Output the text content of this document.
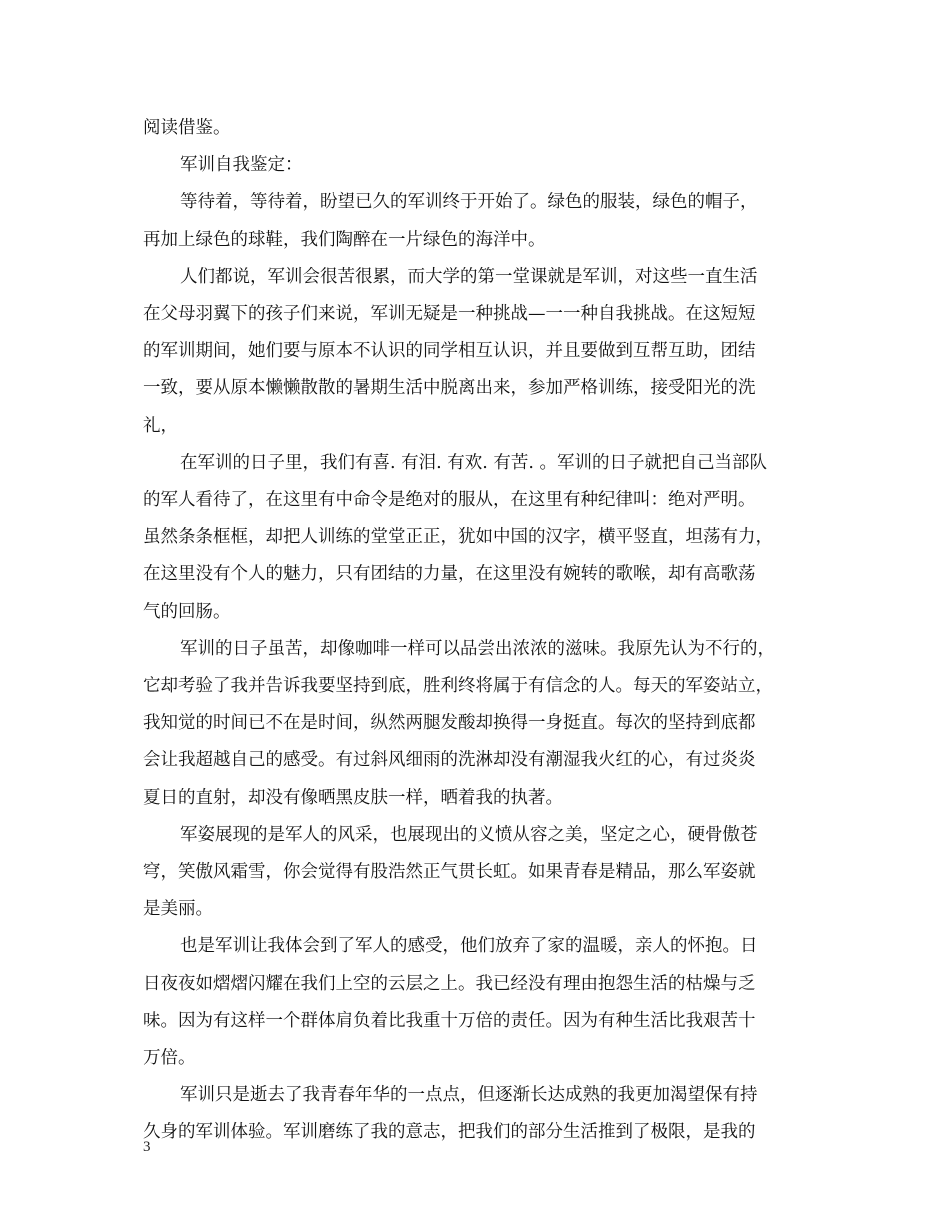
阅读借鉴。
军训自我鉴定：
等待着，等待着，盼望已久的军训终于开始了。绿色的服装，绿色的帽子，
再加上绿色的球鞋，我们陶醉在一片绿色的海洋中。
人们都说，军训会很苦很累，而大学的第一堂课就是军训，对这些一直生活
在父母羽翼下的孩子们来说，军训无疑是一种挑战—一一种自我挑战。在这短短
的军训期间，她们要与原本不认识的同学相互认识，并且要做到互帮互助，团结
一致，要从原本懒懒散散的暑期生活中脱离出来，参加严格训练，接受阳光的洗
礼，
在军训的日子里，我们有喜. 有泪. 有欢. 有苦. 。军训的日子就把自己当部队
的军人看待了，在这里有中命令是绝对的服从，在这里有种纪律叫：绝对严明。
虽然条条框框，却把人训练的堂堂正正，犹如中国的汉字，横平竖直，坦荡有力，
在这里没有个人的魅力，只有团结的力量，在这里没有婉转的歌喉，却有高歌荡
气的回肠。
军训的日子虽苦，却像咖啡一样可以品尝出浓浓的滋味。我原先认为不行的，
它却考验了我并告诉我要坚持到底，胜利终将属于有信念的人。每天的军姿站立，
我知觉的时间已不在是时间，纵然两腿发酸却换得一身挺直。每次的坚持到底都
会让我超越自己的感受。有过斜风细雨的洗淋却没有潮湿我火红的心，有过炎炎
夏日的直射，却没有像晒黑皮肤一样，晒着我的执著。
军姿展现的是军人的风采，也展现出的义愤从容之美，坚定之心，硬骨傲苍
穹，笑傲风霜雪，你会觉得有股浩然正气贯长虹。如果青春是精品，那么军姿就
是美丽。
也是军训让我体会到了军人的感受，他们放弃了家的温暖，亲人的怀抱。日
日夜夜如熠熠闪耀在我们上空的云层之上。我已经没有理由抱怨生活的枯燥与乏
味。因为有这样一个群体肩负着比我重十万倍的责任。因为有种生活比我艰苦十
万倍。
军训只是逝去了我青春年华的一点点，但逐渐长达成熟的我更加渴望保有持
久身的军训体验。军训磨练了我的意志，把我们的部分生活推到了极限，是我的
3
